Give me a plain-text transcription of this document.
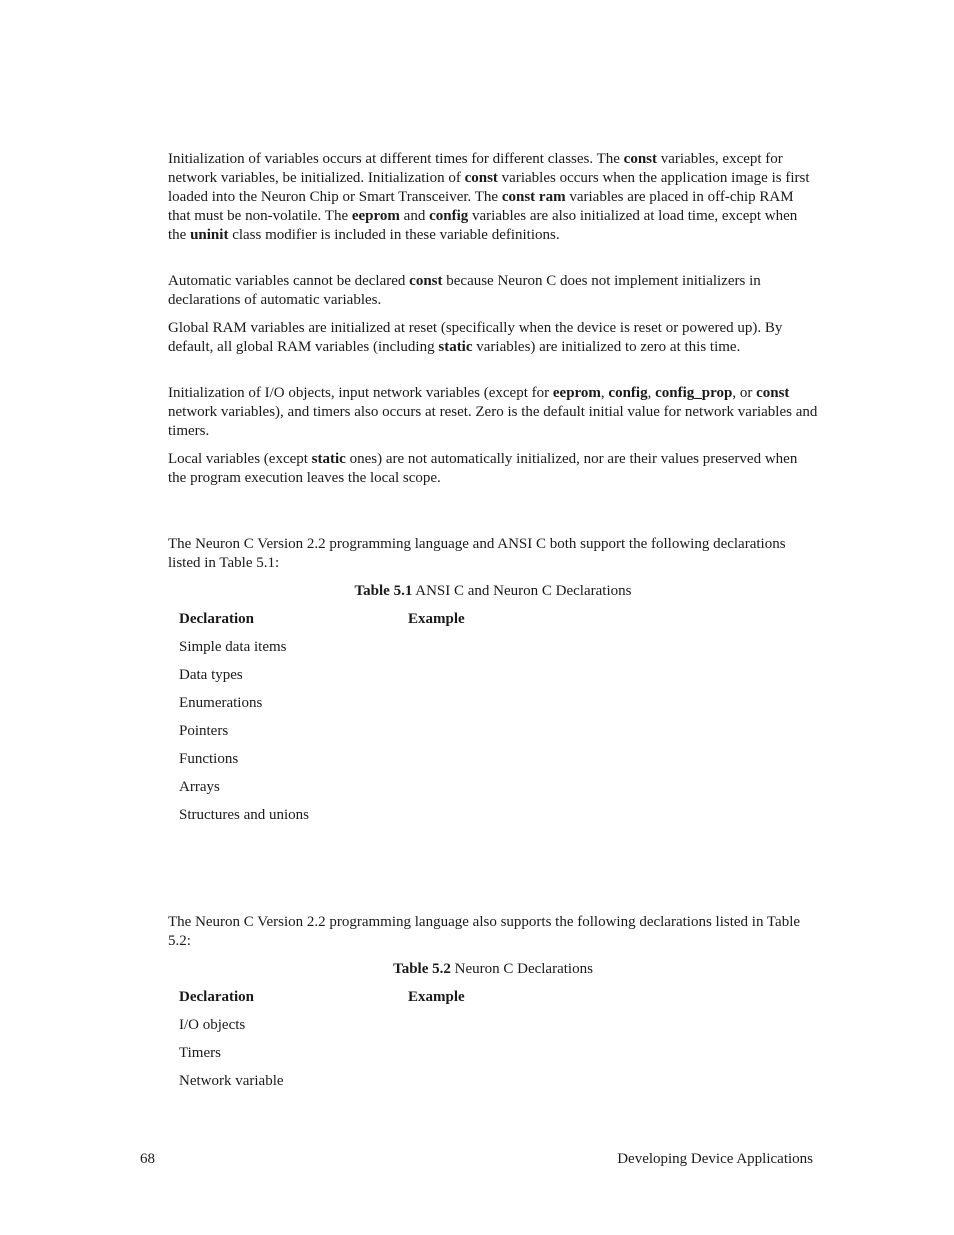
Initialization of variables occurs at different times for different classes. The const variables, except for network variables, be initialized. Initialization of const variables occurs when the application image is first loaded into the Neuron Chip or Smart Transceiver. The const ram variables are placed in off-chip RAM that must be non-volatile. The eeprom and config variables are also initialized at load time, except when the uninit class modifier is included in these variable definitions.

Automatic variables cannot be declared const because Neuron C does not implement initializers in declarations of automatic variables.

Global RAM variables are initialized at reset (specifically when the device is reset or powered up). By default, all global RAM variables (including static variables) are initialized to zero at this time.

Initialization of I/O objects, input network variables (except for eeprom, config, config_prop, or const network variables), and timers also occurs at reset. Zero is the default initial value for network variables and timers.

Local variables (except static ones) are not automatically initialized, nor are their values preserved when the program execution leaves the local scope.

The Neuron C Version 2.2 programming language and ANSI C both support the following declarations listed in Table 5.1:

Table 5.1 ANSI C and Neuron C Declarations
Declaration	Example
Simple data items
Data types
Enumerations
Pointers
Functions
Arrays
Structures and unions

The Neuron C Version 2.2 programming language also supports the following declarations listed in Table 5.2:

Table 5.2 Neuron C Declarations
Declaration	Example
I/O objects
Timers
Network variable
68	Developing Device Applications
